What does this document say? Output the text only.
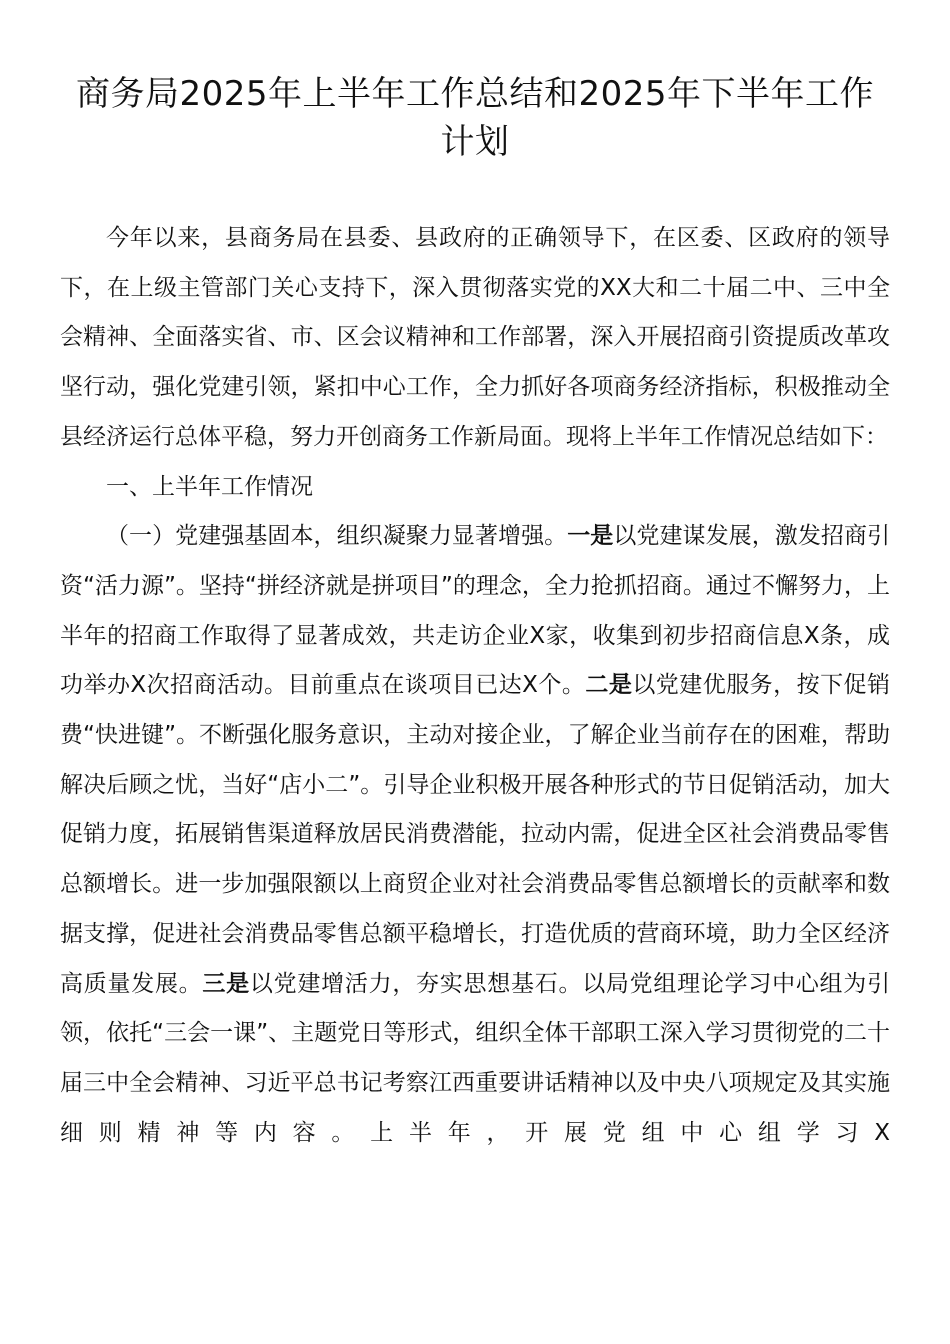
商务局2025年上半年工作总结和2025年下半年工作计划

今年以来，县商务局在县委、县政府的正确领导下，在区委、区政府的领导下，在上级主管部门关心支持下，深入贯彻落实党的XX大和二十届二中、三中全会精神、全面落实省、市、区会议精神和工作部署，深入开展招商引资提质改革攻坚行动，强化党建引领，紧扣中心工作，全力抓好各项商务经济指标，积极推动全县经济运行总体平稳，努力开创商务工作新局面。现将上半年工作情况总结如下：

一、上半年工作情况

（一）党建强基固本，组织凝聚力显著增强。一是以党建谋发展，激发招商引资“活力源”。坚持“拼经济就是拼项目”的理念，全力抢抓招商。通过不懈努力，上半年的招商工作取得了显著成效，共走访企业X家，收集到初步招商信息X条，成功举办X次招商活动。目前重点在谈项目已达X个。二是以党建优服务，按下促销费“快进键”。不断强化服务意识，主动对接企业，了解企业当前存在的困难，帮助解决后顾之忧，当好“店小二”。引导企业积极开展各种形式的节日促销活动，加大促销力度，拓展销售渠道释放居民消费潜能，拉动内需，促进全区社会消费品零售总额增长。进一步加强限额以上商贸企业对社会消费品零售总额增长的贡献率和数据支撑，促进社会消费品零售总额平稳增长，打造优质的营商环境，助力全区经济高质量发展。三是以党建增活力，夯实思想基石。以局党组理论学习中心组为引领，依托“三会一课”、主题党日等形式，组织全体干部职工深入学习贯彻党的二十届三中全会精神、习近平总书记考察江西重要讲话精神以及中央八项规定及其实施细则精神等内容。上半年，开展党组中心组学习X
